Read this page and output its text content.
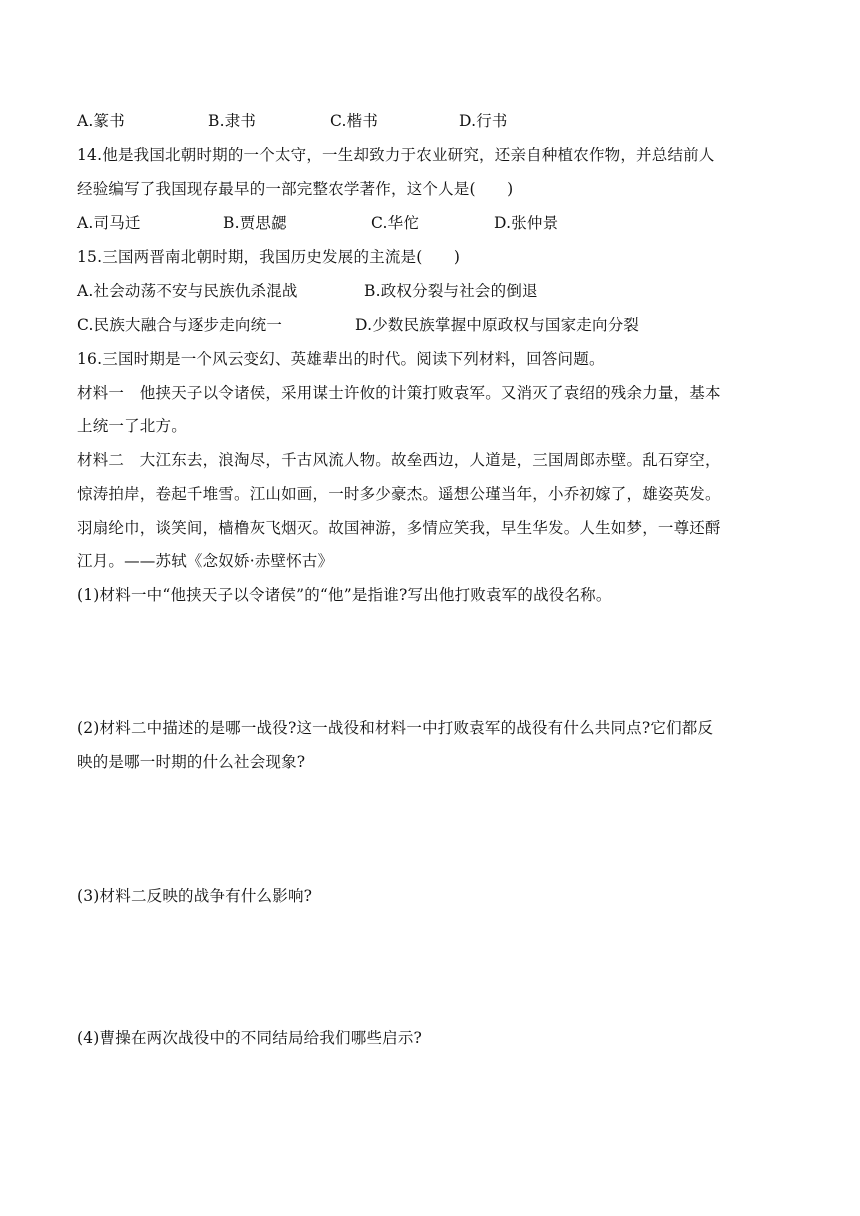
A.篆书	B.隶书	C.楷书	D.行书
14.他是我国北朝时期的一个太守，一生却致力于农业研究，还亲自种植农作物，并总结前人
经验编写了我国现存最早的一部完整农学著作，这个人是(　　)
A.司马迁	B.贾思勰	C.华佗	D.张仲景
15.三国两晋南北朝时期，我国历史发展的主流是(　　)
A.社会动荡不安与民族仇杀混战	B.政权分裂与社会的倒退
C.民族大融合与逐步走向统一	D.少数民族掌握中原政权与国家走向分裂
16.三国时期是一个风云变幻、英雄辈出的时代。阅读下列材料，回答问题。
材料一　他挟天子以令诸侯，采用谋士许攸的计策打败袁军。又消灭了袁绍的残余力量，基本
上统一了北方。
材料二　大江东去，浪淘尽，千古风流人物。故垒西边，人道是，三国周郎赤壁。乱石穿空，
惊涛拍岸，卷起千堆雪。江山如画，一时多少豪杰。遥想公瑾当年，小乔初嫁了，雄姿英发。
羽扇纶巾，谈笑间，樯橹灰飞烟灭。故国神游，多情应笑我，早生华发。人生如梦，一尊还酹
江月。——苏轼《念奴娇·赤壁怀古》
(1)材料一中“他挟天子以令诸侯”的“他”是指谁?写出他打败袁军的战役名称。
(2)材料二中描述的是哪一战役?这一战役和材料一中打败袁军的战役有什么共同点?它们都反
映的是哪一时期的什么社会现象?
(3)材料二反映的战争有什么影响?
(4)曹操在两次战役中的不同结局给我们哪些启示?
